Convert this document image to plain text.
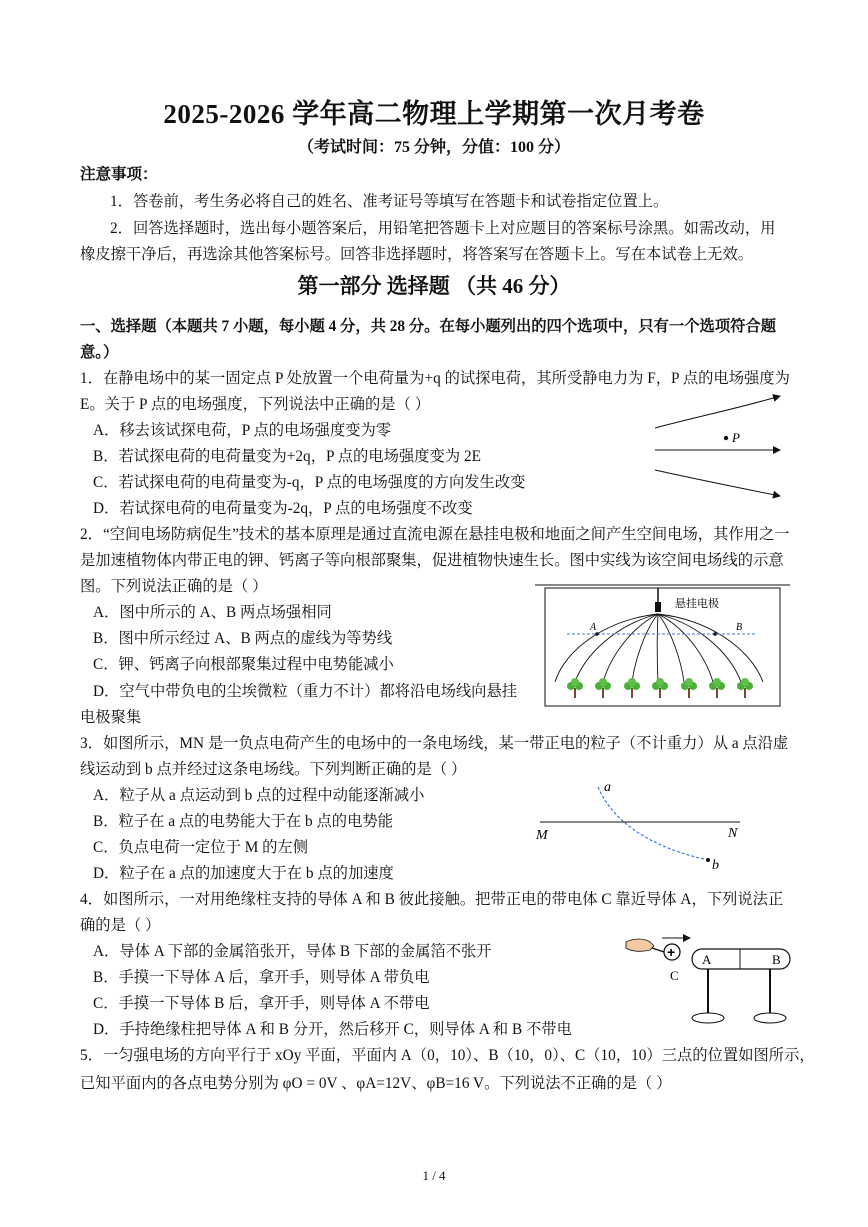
2025-2026 学年高二物理上学期第一次月考卷
（考试时间：75 分钟，分值：100 分）
注意事项：
1．答卷前，考生务必将自己的姓名、准考证号等填写在答题卡和试卷指定位置上。
2．回答选择题时，选出每小题答案后，用铅笔把答题卡上对应题目的答案标号涂黑。如需改动，用
橡皮擦干净后，再选涂其他答案标号。回答非选择题时，将答案写在答题卡上。写在本试卷上无效。
第一部分 选择题 （共 46 分）
一、选择题（本题共 7 小题，每小题 4 分，共 28 分。在每小题列出的四个选项中，只有一个选项符合题
意。）
1．在静电场中的某一固定点 P 处放置一个电荷量为+q 的试探电荷，其所受静电力为 F，P 点的电场强度为
E。关于 P 点的电场强度，下列说法中正确的是（ ）
A．移去该试探电荷，P 点的电场强度变为零
B．若试探电荷的电荷量变为+2q，P 点的电场强度变为 2E
C．若试探电荷的电荷量变为-q，P 点的电场强度的方向发生改变
D．若试探电荷的电荷量变为-2q，P 点的电场强度不改变
P
2．“空间电场防病促生”技术的基本原理是通过直流电源在悬挂电极和地面之间产生空间电场，其作用之一
是加速植物体内带正电的钾、钙离子等向根部聚集，促进植物快速生长。图中实线为该空间电场线的示意
图。下列说法正确的是（ ）
A．图中所示的 A、B 两点场强相同
B．图中所示经过 A、B 两点的虚线为等势线
C．钾、钙离子向根部聚集过程中电势能减小
D．空气中带负电的尘埃微粒（重力不计）都将沿电场线向悬挂
电极聚集
悬挂电极
A	B
3．如图所示，MN 是一负点电荷产生的电场中的一条电场线，某一带正电的粒子（不计重力）从 a 点沿虚
线运动到 b 点并经过这条电场线。下列判断正确的是（ ）
A．粒子从 a 点运动到 b 点的过程中动能逐渐减小
B．粒子在 a 点的电势能大于在 b 点的电势能
C．负点电荷一定位于 M 的左侧
D．粒子在 a 点的加速度大于在 b 点的加速度
M	N
a
b
4．如图所示，一对用绝缘柱支持的导体 A 和 B 彼此接触。把带正电的带电体 C 靠近导体 A，下列说法正
确的是（ ）
A．导体 A 下部的金属箔张开，导体 B 下部的金属箔不张开
B．手摸一下导体 A 后，拿开手，则导体 A 带负电
C．手摸一下导体 B 后，拿开手，则导体 A 不带电
D．手持绝缘柱把导体 A 和 B 分开，然后移开 C，则导体 A 和 B 不带电
+
C
A	B
5．一匀强电场的方向平行于 xOy 平面，平面内 A（0，10）、B（10，0）、C（10，10）三点的位置如图所示，
已知平面内的各点电势分别为 φO = 0V 、φA=12V、φB=16 V。下列说法不正确的是（ ）
1 / 4
